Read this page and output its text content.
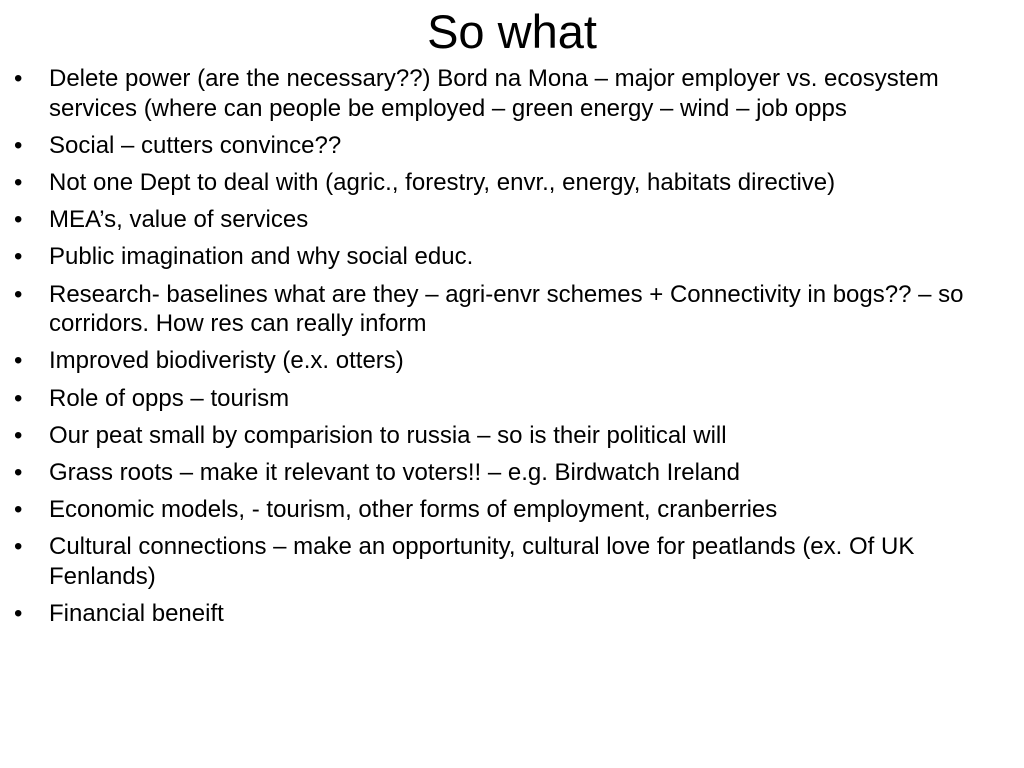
So what
•	Delete power (are the necessary??) Bord na Mona – major employer vs. ecosystem services (where can people be employed – green energy – wind – job opps
•	Social – cutters convince??
•	Not one Dept to deal with (agric., forestry, envr., energy, habitats directive)
•	MEA’s, value of services
•	Public imagination and why social educ.
•	Research- baselines what are they – agri-envr schemes + Connectivity in bogs?? – so corridors. How res can really inform
•	Improved biodiveristy (e.x. otters)
•	Role of opps – tourism
•	Our peat small by comparision to russia – so is their political will
•	Grass roots – make it relevant to voters!! – e.g. Birdwatch Ireland
•	Economic models, - tourism, other forms of employment, cranberries
•	Cultural connections – make an opportunity, cultural love for peatlands (ex. Of UK Fenlands)
•	Financial beneift
